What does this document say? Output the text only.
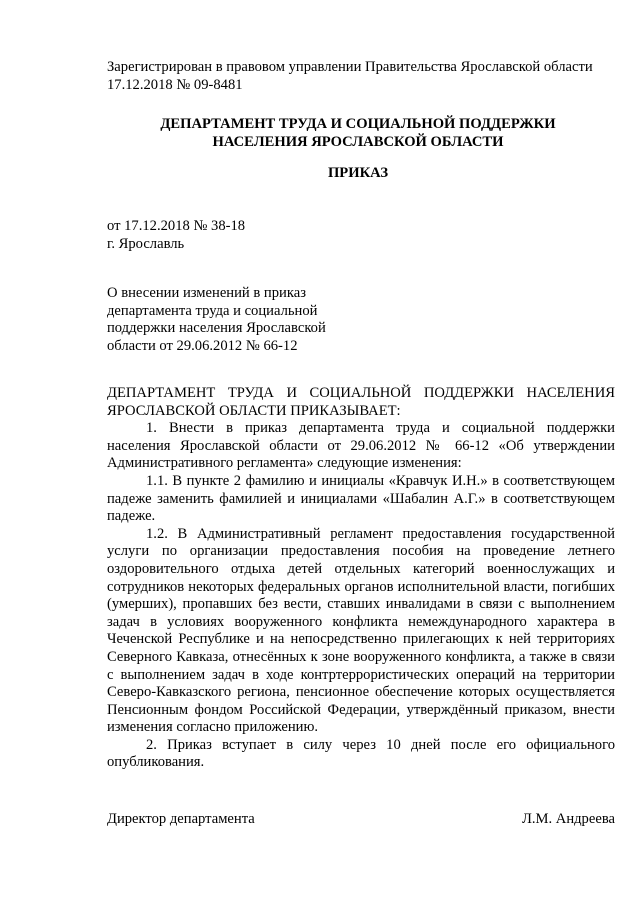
Зарегистрирован в правовом управлении Правительства Ярославской области
17.12.2018 № 09-8481
ДЕПАРТАМЕНТ ТРУДА И СОЦИАЛЬНОЙ ПОДДЕРЖКИ
НАСЕЛЕНИЯ ЯРОСЛАВСКОЙ ОБЛАСТИ
ПРИКАЗ
от 17.12.2018 № 38-18
г. Ярославль
О внесении изменений в приказ
департамента труда и социальной
поддержки населения Ярославской
области от 29.06.2012 № 66-12

ДЕПАРТАМЕНТ ТРУДА И СОЦИАЛЬНОЙ ПОДДЕРЖКИ НАСЕЛЕНИЯ ЯРОСЛАВСКОЙ ОБЛАСТИ ПРИКАЗЫВАЕТ:

1. Внести в приказ департамента труда и социальной поддержки населения Ярославской области от 29.06.2012 № 66-12 «Об утверждении Административного регламента» следующие изменения:

1.1. В пункте 2 фамилию и инициалы «Кравчук И.Н.» в соответствующем падеже заменить фамилией и инициалами «Шабалин А.Г.» в соответствующем падеже.

1.2. В Административный регламент предоставления государственной услуги по организации предоставления пособия на проведение летнего оздоровительного отдыха детей отдельных категорий военнослужащих и сотрудников некоторых федеральных органов исполнительной власти, погибших (умерших), пропавших без вести, ставших инвалидами в связи с выполнением задач в условиях вооруженного конфликта немеждународного характера в Чеченской Республике и на непосредственно прилегающих к ней территориях Северного Кавказа, отнесённых к зоне вооруженного конфликта, а также в связи с выполнением задач в ходе контртеррористических операций на территории Северо-Кавказского региона, пенсионное обеспечение которых осуществляется Пенсионным фондом Российской Федерации, утверждённый приказом, внести изменения согласно приложению.

2. Приказ вступает в силу через 10 дней после его официального опубликования.

Директор департамента	Л.М. Андреева
